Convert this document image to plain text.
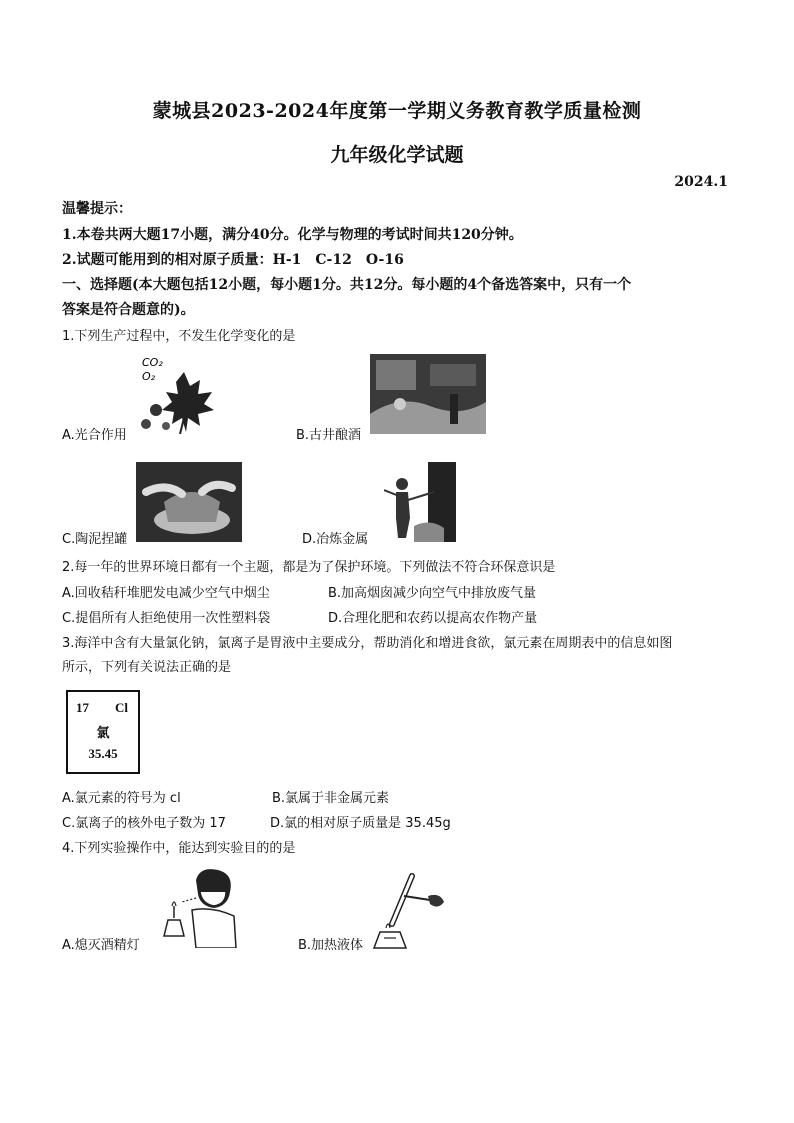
蒙城县2023-2024年度第一学期义务教育教学质量检测
九年级化学试题
2024.1
温馨提示：
1.本卷共两大题17小题，满分40分。化学与物理的考试时间共120分钟。
2.试题可能用到的相对原子质量：H-1　C-12　O-16
一、选择题(本大题包括12小题，每小题1分。共12分。每小题的4个备选答案中，只有一个
答案是符合题意的)。
1.下列生产过程中，不发生化学变化的是
CO₂
O₂
A.光合作用	B.古井酿酒
C.陶泥捏罐	D.冶炼金属
2.每一年的世界环境日都有一个主题，都是为了保护环境。下列做法不符合环保意识是
A.回收秸秆堆肥发电减少空气中烟尘	B.加高烟囱减少向空气中排放废气量
C.提倡所有人拒绝使用一次性塑料袋	D.合理化肥和农药以提高农作物产量
3.海洋中含有大量氯化钠，氯离子是胃液中主要成分，帮助消化和增进食欲，氯元素在周期表中的信息如图
所示，下列有关说法正确的是
17 Cl
氯
35.45
A.氯元素的符号为 cl	B.氯属于非金属元素
C.氯离子的核外电子数为 17	D.氯的相对原子质量是 35.45g
4.下列实验操作中，能达到实验目的的是
A.熄灭酒精灯	B.加热液体
